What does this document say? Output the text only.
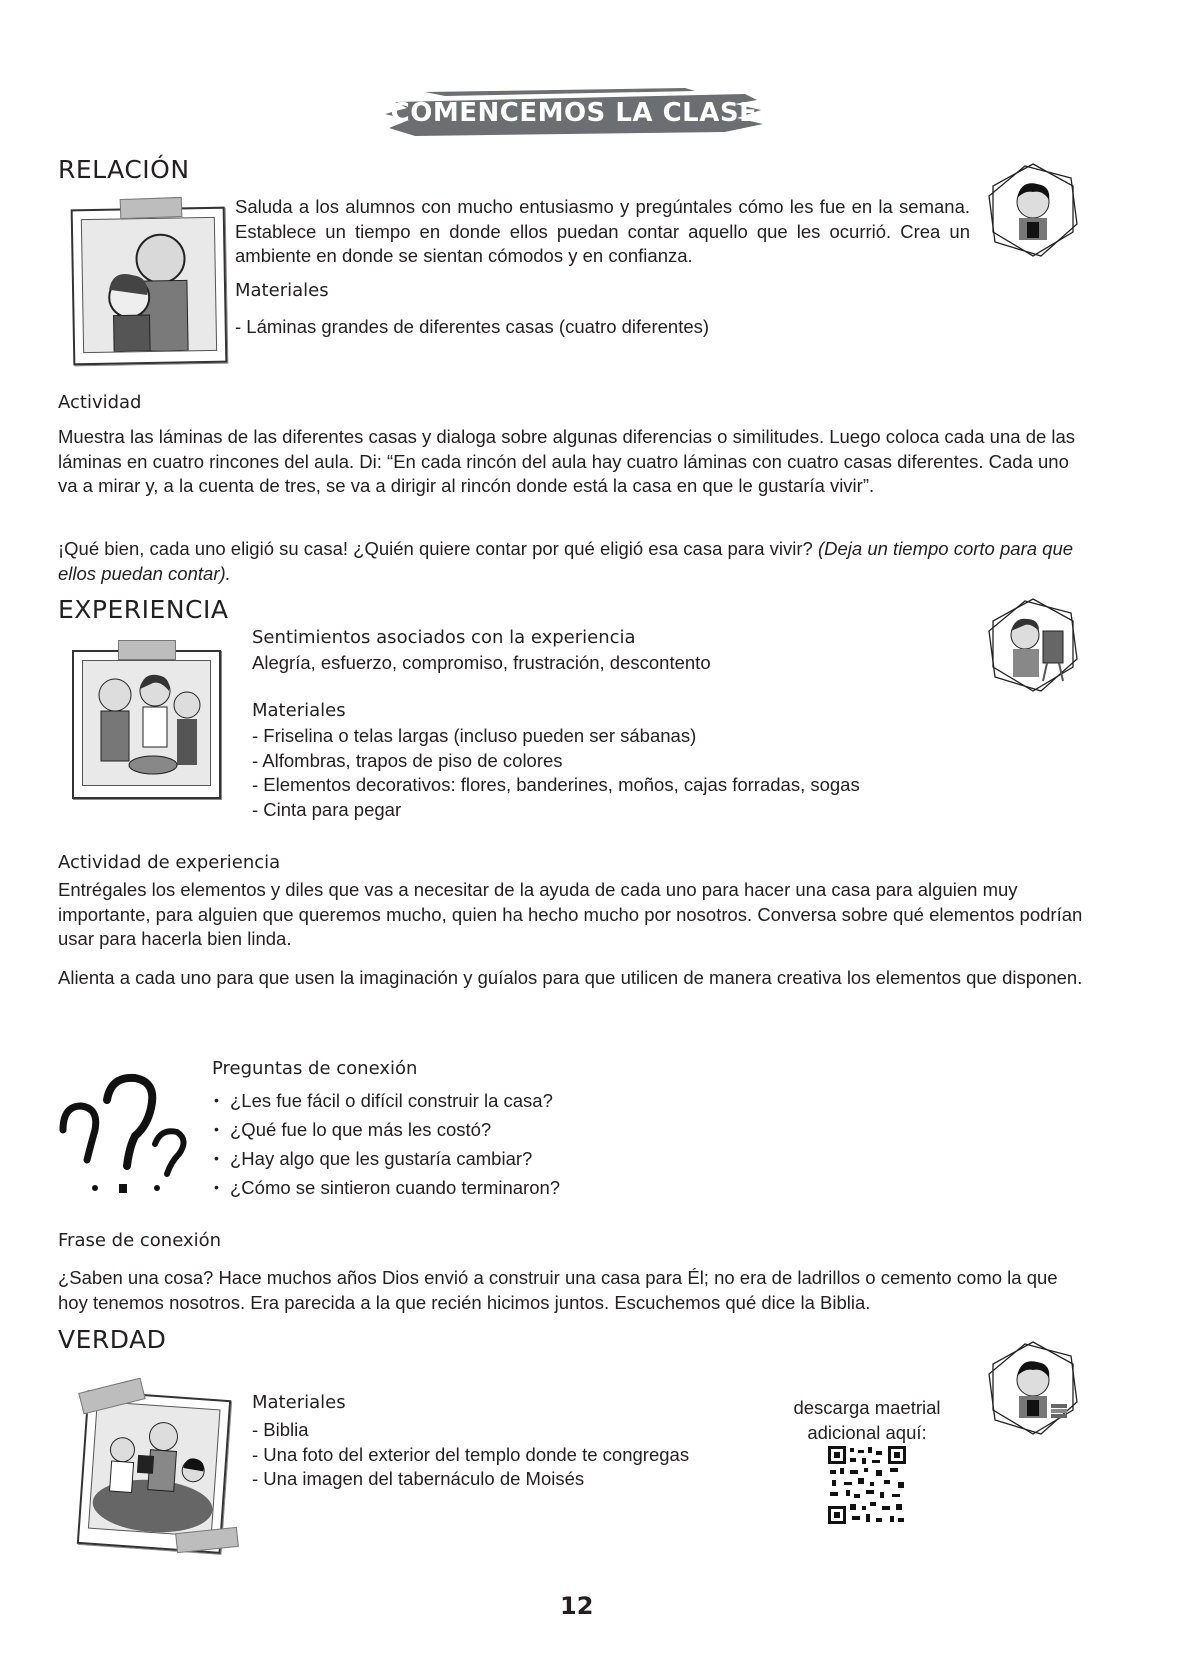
COMENCEMOS LA CLASE
RELACIÓN
Saluda a los alumnos con mucho entusiasmo y pregúntales cómo les fue en la semana. Establece un tiempo en donde ellos puedan contar aquello que les ocurrió. Crea un ambiente en donde se sientan cómodos y en confianza.
Materiales
- Láminas grandes de diferentes casas (cuatro diferentes)
Actividad
Muestra las láminas de las diferentes casas y dialoga sobre algunas diferencias o similitudes. Luego coloca cada una de las láminas en cuatro rincones del aula. Di: “En cada rincón del aula hay cuatro láminas con cuatro casas diferentes. Cada uno va a mirar y, a la cuenta de tres, se va a dirigir al rincón donde está la casa en que le gustaría vivir”.
¡Qué bien, cada uno eligió su casa! ¿Quién quiere contar por qué eligió esa casa para vivir? (Deja un tiempo corto para que ellos puedan contar).
EXPERIENCIA
Sentimientos asociados con la experiencia
Alegría, esfuerzo, compromiso, frustración, descontento
Materiales
- Friselina o telas largas (incluso pueden ser sábanas)
- Alfombras, trapos de piso de colores
- Elementos decorativos: flores, banderines, moños, cajas forradas, sogas
- Cinta para pegar
Actividad de experiencia
Entrégales los elementos y diles que vas a necesitar de la ayuda de cada uno para hacer una casa para alguien muy importante, para alguien que queremos mucho, quien ha hecho mucho por nosotros. Conversa sobre qué elementos podrían usar para hacerla bien linda.
Alienta a cada uno para que usen la imaginación y guíalos para que utilicen de manera creativa los elementos que disponen.
Preguntas de conexión
• ¿Les fue fácil o difícil construir la casa?
• ¿Qué fue lo que más les costó?
• ¿Hay algo que les gustaría cambiar?
• ¿Cómo se sintieron cuando terminaron?
Frase de conexión
¿Saben una cosa? Hace muchos años Dios envió a construir una casa para Él; no era de ladrillos o cemento como la que hoy tenemos nosotros. Era parecida a la que recién hicimos juntos. Escuchemos qué dice la Biblia.
VERDAD
Materiales
- Biblia
- Una foto del exterior del templo donde te congregas
- Una imagen del tabernáculo de Moisés
descarga maetrial
adicional aquí:
12
